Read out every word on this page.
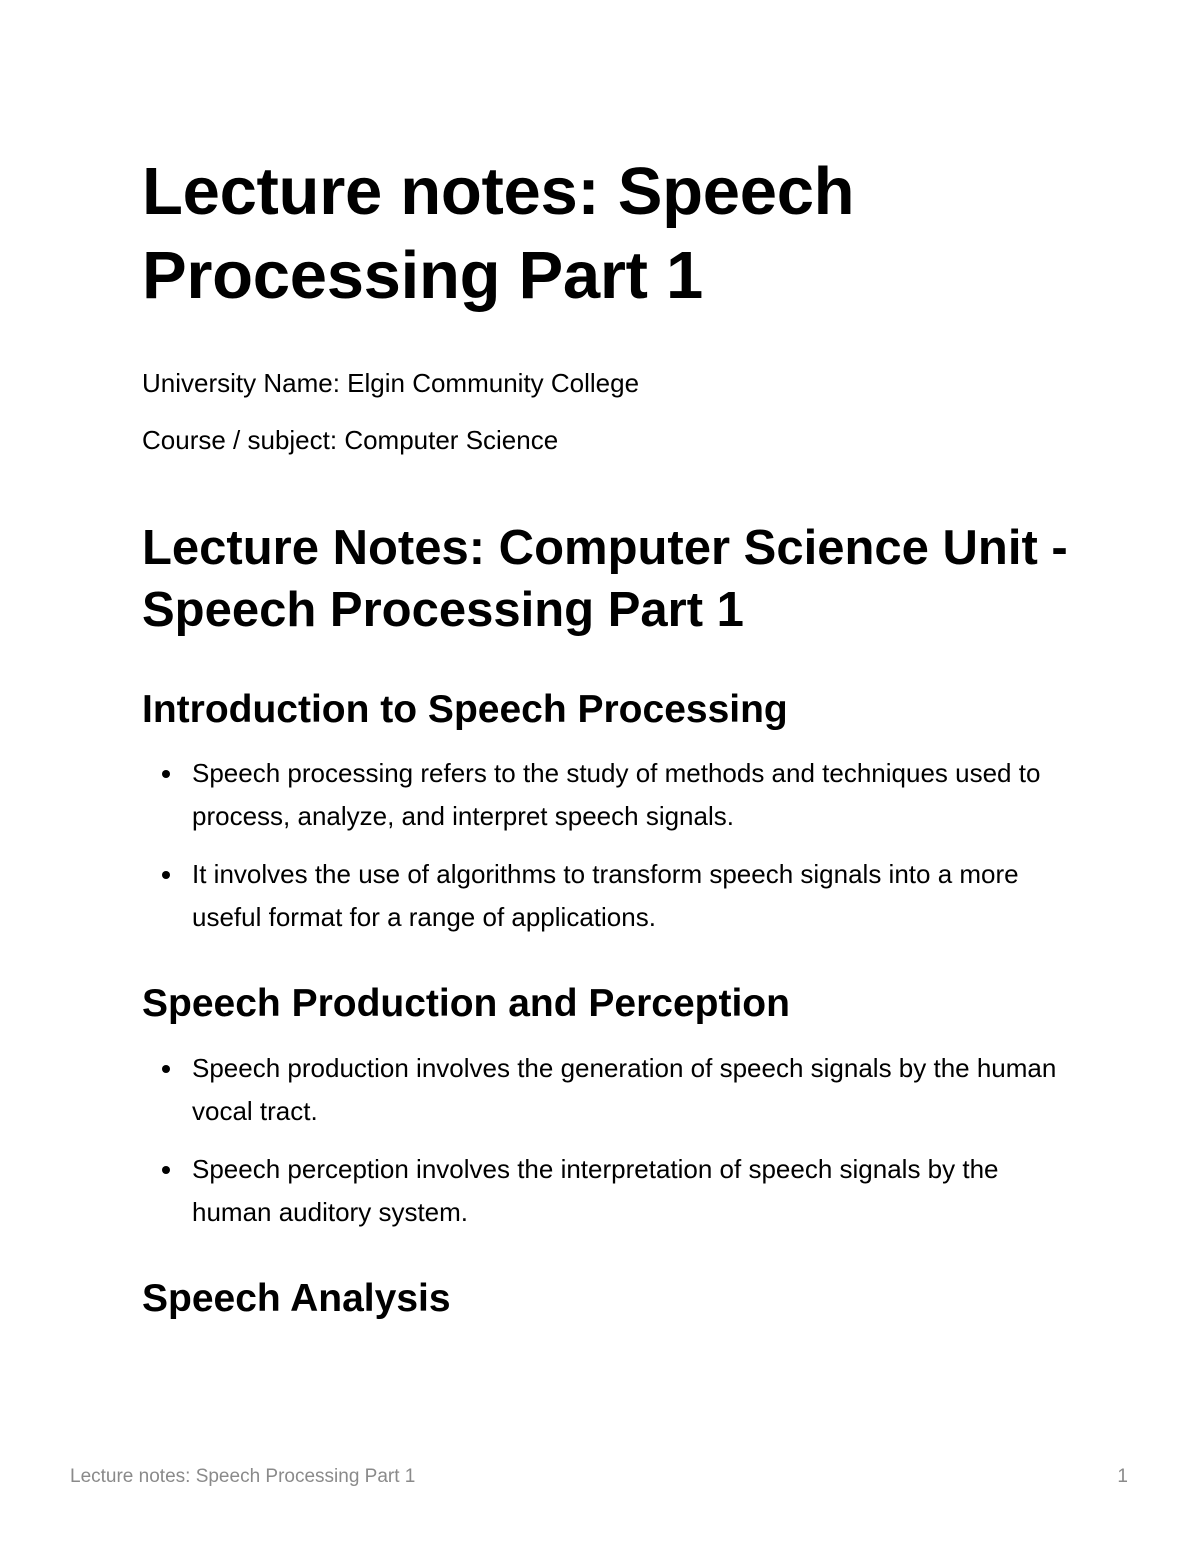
Lecture notes: Speech Processing Part 1

University Name: Elgin Community College

Course / subject: Computer Science

Lecture Notes: Computer Science Unit - Speech Processing Part 1
Introduction to Speech Processing
Speech processing refers to the study of methods and techniques used to process, analyze, and interpret speech signals.
It involves the use of algorithms to transform speech signals into a more useful format for a range of applications.
Speech Production and Perception
Speech production involves the generation of speech signals by the human vocal tract.
Speech perception involves the interpretation of speech signals by the human auditory system.
Speech Analysis
Lecture notes: Speech Processing Part 1	1
